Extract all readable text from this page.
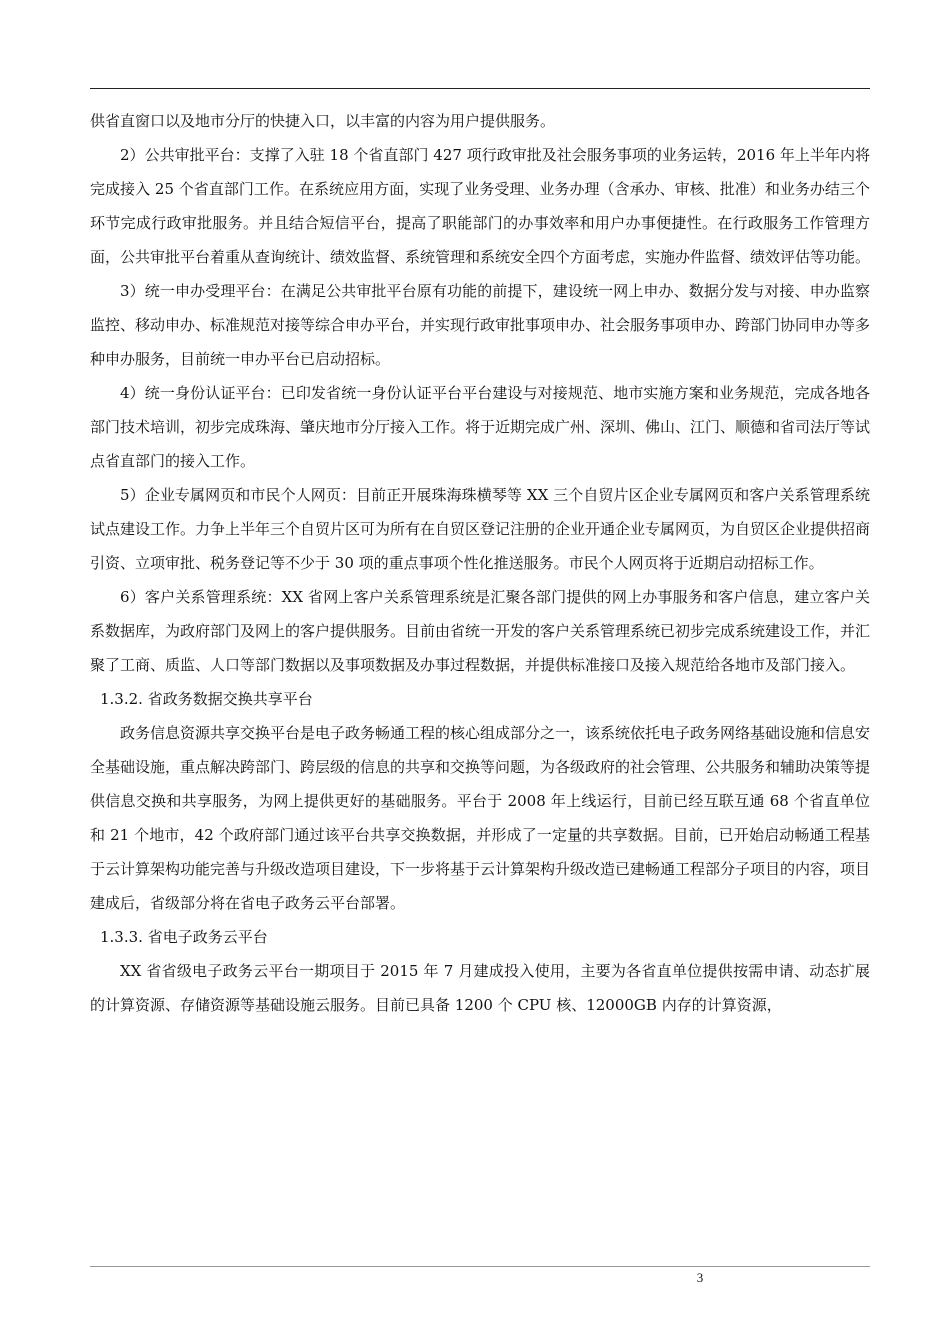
供省直窗口以及地市分厅的快捷入口，以丰富的内容为用户提供服务。

2）公共审批平台：支撑了入驻 18 个省直部门 427 项行政审批及社会服务事项的业务运转，2016 年上半年内将完成接入 25 个省直部门工作。在系统应用方面，实现了业务受理、业务办理（含承办、审核、批准）和业务办结三个环节完成行政审批服务。并且结合短信平台，提高了职能部门的办事效率和用户办事便捷性。在行政服务工作管理方面，公共审批平台着重从查询统计、绩效监督、系统管理和系统安全四个方面考虑，实施办件监督、绩效评估等功能。

3）统一申办受理平台：在满足公共审批平台原有功能的前提下，建设统一网上申办、数据分发与对接、申办监察监控、移动申办、标准规范对接等综合申办平台，并实现行政审批事项申办、社会服务事项申办、跨部门协同申办等多种申办服务，目前统一申办平台已启动招标。

4）统一身份认证平台：已印发省统一身份认证平台平台建设与对接规范、地市实施方案和业务规范，完成各地各部门技术培训，初步完成珠海、肇庆地市分厅接入工作。将于近期完成广州、深圳、佛山、江门、顺德和省司法厅等试点省直部门的接入工作。

5）企业专属网页和市民个人网页：目前正开展珠海珠横琴等 XX 三个自贸片区企业专属网页和客户关系管理系统试点建设工作。力争上半年三个自贸片区可为所有在自贸区登记注册的企业开通企业专属网页，为自贸区企业提供招商引资、立项审批、税务登记等不少于 30 项的重点事项个性化推送服务。市民个人网页将于近期启动招标工作。

6）客户关系管理系统：XX 省网上客户关系管理系统是汇聚各部门提供的网上办事服务和客户信息，建立客户关系数据库，为政府部门及网上的客户提供服务。目前由省统一开发的客户关系管理系统已初步完成系统建设工作，并汇聚了工商、质监、人口等部门数据以及事项数据及办事过程数据，并提供标准接口及接入规范给各地市及部门接入。

1.3.2. 省政务数据交换共享平台

政务信息资源共享交换平台是电子政务畅通工程的核心组成部分之一，该系统依托电子政务网络基础设施和信息安全基础设施，重点解决跨部门、跨层级的信息的共享和交换等问题，为各级政府的社会管理、公共服务和辅助决策等提供信息交换和共享服务，为网上提供更好的基础服务。平台于 2008 年上线运行，目前已经互联互通 68 个省直单位和 21 个地市，42 个政府部门通过该平台共享交换数据，并形成了一定量的共享数据。目前，已开始启动畅通工程基于云计算架构功能完善与升级改造项目建设，下一步将基于云计算架构升级改造已建畅通工程部分子项目的内容，项目建成后，省级部分将在省电子政务云平台部署。

1.3.3. 省电子政务云平台

XX 省省级电子政务云平台一期项目于 2015 年 7 月建成投入使用，主要为各省直单位提供按需申请、动态扩展的计算资源、存储资源等基础设施云服务。目前已具备 1200 个 CPU 核、12000GB 内存的计算资源，

3
